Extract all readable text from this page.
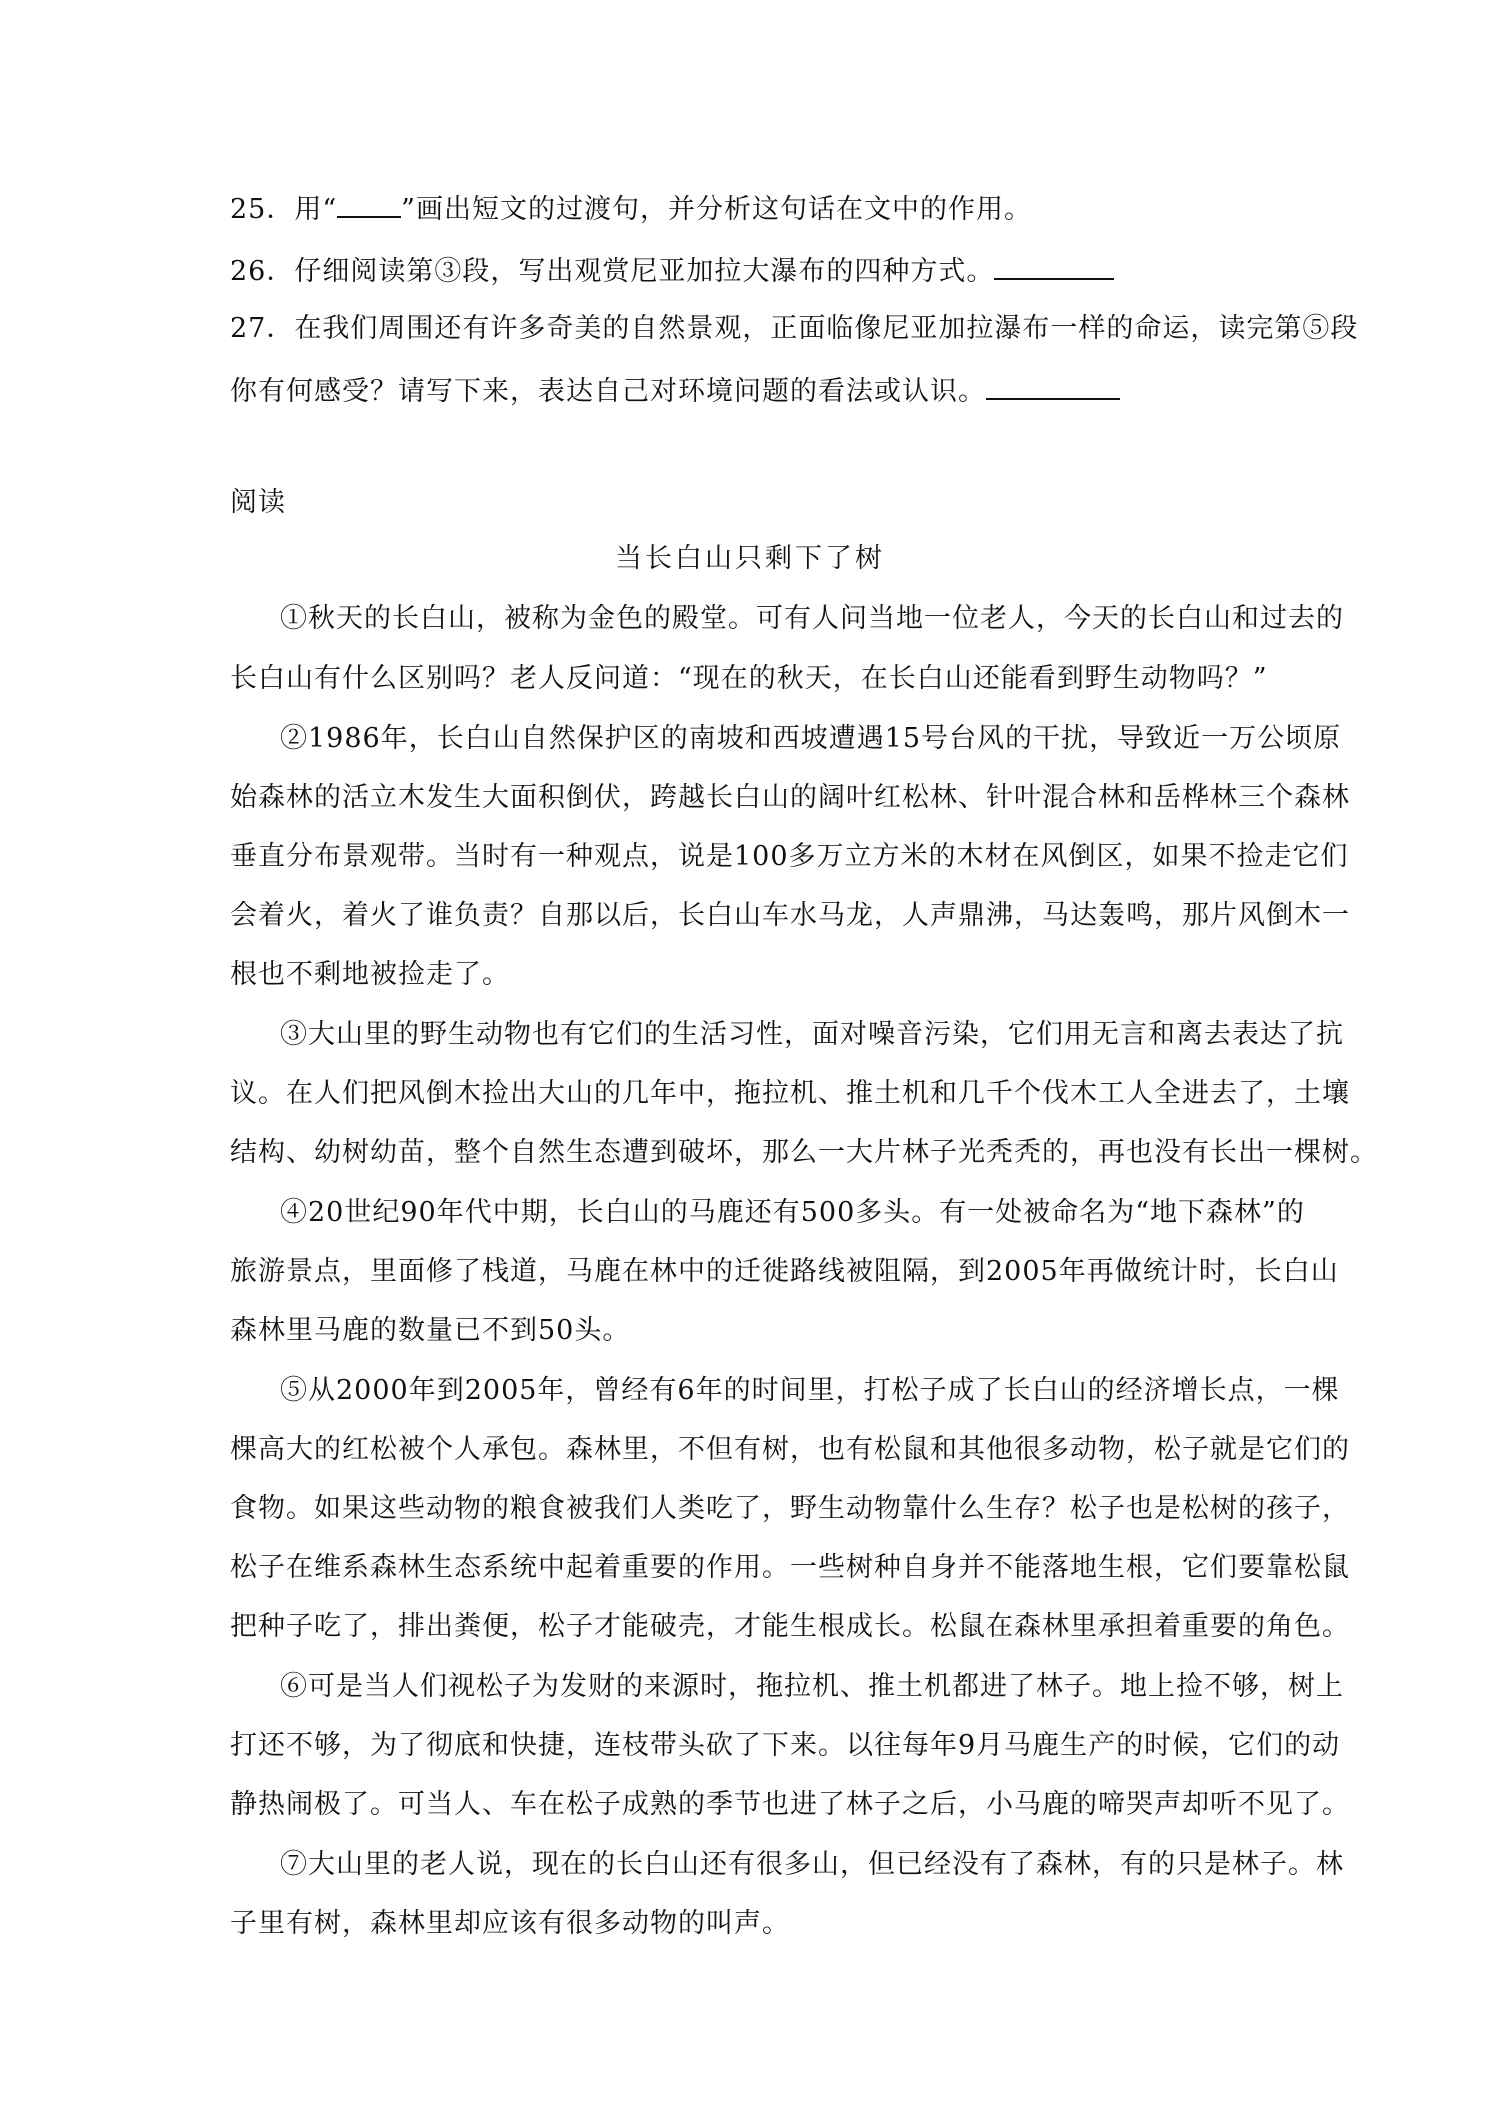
25．用“ ”画出短文的过渡句，并分析这句话在文中的作用。
26．仔细阅读第③段，写出观赏尼亚加拉大瀑布的四种方式。
27．在我们周围还有许多奇美的自然景观，正面临像尼亚加拉瀑布一样的命运，读完第⑤段
你有何感受？请写下来，表达自己对环境问题的看法或认识。
阅读
当长白山只剩下了树
①秋天的长白山，被称为金色的殿堂。可有人问当地一位老人，今天的长白山和过去的
长白山有什么区别吗？老人反问道：“现在的秋天，在长白山还能看到野生动物吗？”
②1986年，长白山自然保护区的南坡和西坡遭遇15号台风的干扰，导致近一万公顷原
始森林的活立木发生大面积倒伏，跨越长白山的阔叶红松林、针叶混合林和岳桦林三个森林
垂直分布景观带。当时有一种观点，说是100多万立方米的木材在风倒区，如果不捡走它们
会着火，着火了谁负责？自那以后，长白山车水马龙，人声鼎沸，马达轰鸣，那片风倒木一
根也不剩地被捡走了。
③大山里的野生动物也有它们的生活习性，面对噪音污染，它们用无言和离去表达了抗
议。在人们把风倒木捡出大山的几年中，拖拉机、推土机和几千个伐木工人全进去了，土壤
结构、幼树幼苗，整个自然生态遭到破坏，那么一大片林子光秃秃的，再也没有长出一棵树。
④20世纪90年代中期，长白山的马鹿还有500多头。有一处被命名为“地下森林”的
旅游景点，里面修了栈道，马鹿在林中的迁徙路线被阻隔，到2005年再做统计时，长白山
森林里马鹿的数量已不到50头。
⑤从2000年到2005年，曾经有6年的时间里，打松子成了长白山的经济增长点，一棵
棵高大的红松被个人承包。森林里，不但有树，也有松鼠和其他很多动物，松子就是它们的
食物。如果这些动物的粮食被我们人类吃了，野生动物靠什么生存？松子也是松树的孩子，
松子在维系森林生态系统中起着重要的作用。一些树种自身并不能落地生根，它们要靠松鼠
把种子吃了，排出粪便，松子才能破壳，才能生根成长。松鼠在森林里承担着重要的角色。
⑥可是当人们视松子为发财的来源时，拖拉机、推土机都进了林子。地上捡不够，树上
打还不够，为了彻底和快捷，连枝带头砍了下来。以往每年9月马鹿生产的时候，它们的动
静热闹极了。可当人、车在松子成熟的季节也进了林子之后，小马鹿的啼哭声却听不见了。
⑦大山里的老人说，现在的长白山还有很多山，但已经没有了森林，有的只是林子。林
子里有树，森林里却应该有很多动物的叫声。
